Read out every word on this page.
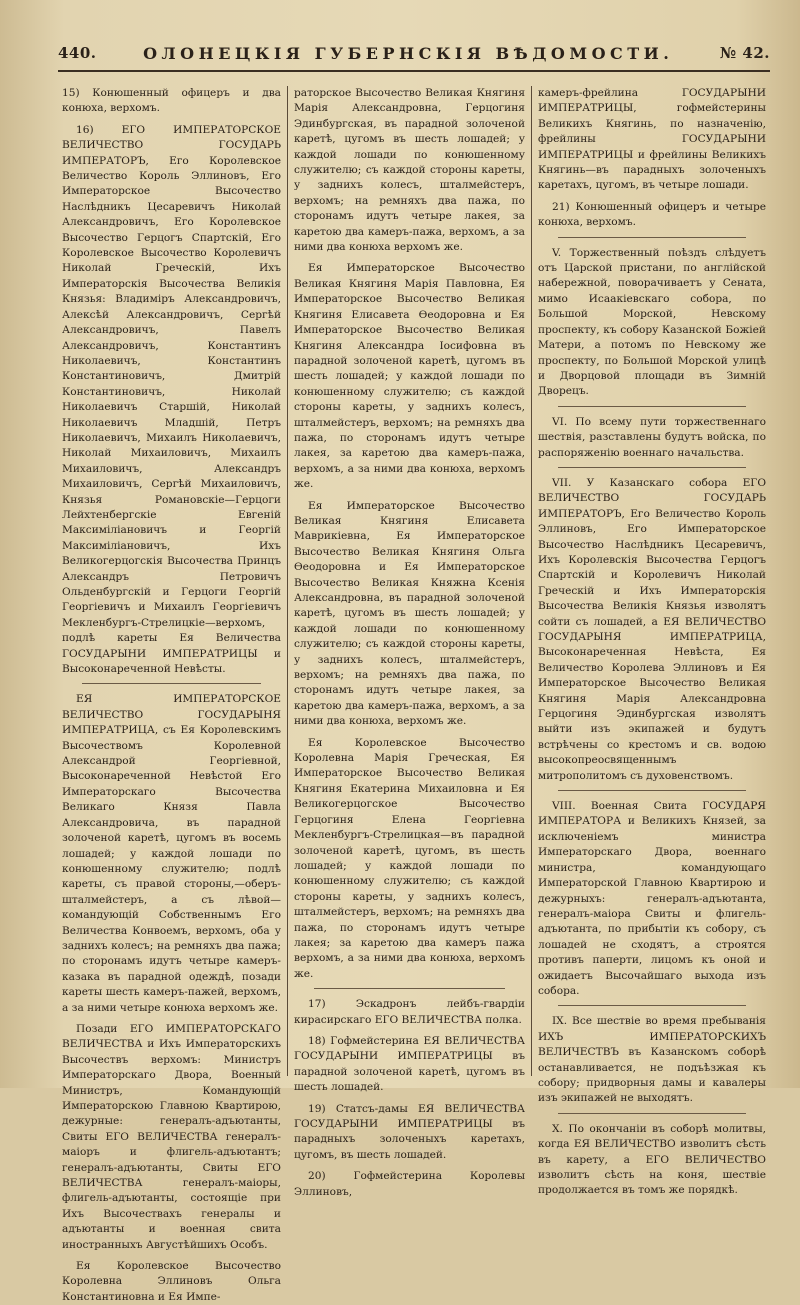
440.	ОЛОНЕЦКІЯ ГУБЕРНСКІЯ ВѢДОМОСТИ.	№ 42.

15) Конюшенный офицеръ и два конюха, верхомъ.

16) ЕГО ИМПЕРАТОРСКОЕ ВЕЛИЧЕСТВО ГОСУДАРЬ ИМПЕРАТОРЪ, Его Королевское Величество Король Эллиновъ, Его Императорское Высочество Наслѣдникъ Цесаревичъ Николай Александровичъ, Его Королевское Высочество Герцогъ Спартскій, Его Королевское Высочество Королевичъ Николай Греческій, Ихъ Императорскія Высочества Великія Князья: Владиміръ Александровичъ, Алексѣй Александровичъ, Сергѣй Александровичъ, Павелъ Александровичъ, Константинъ Николаевичъ, Константинъ Константиновичъ, Дмитрій Константиновичъ, Николай Николаевичъ Старшій, Николай Николаевичъ Младшій, Петръ Николаевичъ, Михаилъ Николаевичъ, Николай Михаиловичъ, Михаилъ Михаиловичъ, Александръ Михаиловичъ, Сергѣй Михаиловичъ, Князья Романовскіе—Герцоги Лейхтенбергскіе Евгеній Максиміліановичъ и Георгій Максиміліановичъ, Ихъ Великогерцогскія Высочества Принцъ Александръ Петровичъ Ольденбургскій и Герцоги Георгій Георгіевичъ и Михаилъ Георгіевичъ Мекленбургъ-Стрелицкіе—верхомъ, подлѣ кареты Ея Величества ГОСУДАРЫНИ ИМПЕРАТРИЦЫ и Высоконареченной Невѣсты.

ЕЯ ИМПЕРАТОРСКОЕ ВЕЛИЧЕСТВО ГОСУДАРЫНЯ ИМПЕРАТРИЦА, съ Ея Королевскимъ Высочествомъ Королевной Александрой Георгіевной, Высоконареченной Невѣстой Его Императорскаго Высочества Великаго Князя Павла Александровича, въ парадной золоченой каретѣ, цугомъ въ восемь лошадей; у каждой лошади по конюшенному служителю; подлѣ кареты, съ правой стороны,—оберъ-шталмейстеръ, а съ лѣвой—командующій Собственнымъ Его Величества Конвоемъ, верхомъ, оба у заднихъ колесъ; на ремняхъ два пажа; по сторонамъ идутъ четыре камеръ-казака въ парадной одеждѣ, позади кареты шесть камеръ-пажей, верхомъ, а за ними четыре конюха верхомъ же.

Позади ЕГО ИМПЕРАТОРСКАГО ВЕЛИЧЕСТВА и Ихъ Императорскихъ Высочествъ верхомъ: Министръ Императорскаго Двора, Военный Министръ, Командующій Императорскою Главною Квартирою, дежурные: генералъ-адъютанты, Свиты ЕГО ВЕЛИЧЕСТВА генералъ-маіоръ и флигель-адъютантъ; генералъ-адъютанты, Свиты ЕГО ВЕЛИЧЕСТВА генералъ-маіоры, флигель-адъютанты, состоящіе при Ихъ Высочествахъ генералы и адъютанты и военная свита иностранныхъ Августѣйшихъ Особъ.

Ея Королевское Высочество Королевна Эллиновъ Ольга Константиновна и Ея Импе-

раторское Высочество Великая Княгиня Марія Александровна, Герцогиня Эдинбургская, въ парадной золоченой каретѣ, цугомъ въ шесть лошадей; у каждой лошади по конюшенному служителю; съ каждой стороны кареты, у заднихъ колесъ, шталмейстеръ, верхомъ; на ремняхъ два пажа, по сторонамъ идутъ четыре лакея, за каретою два камеръ-пажа, верхомъ, а за ними два конюха верхомъ же.

Ея Императорское Высочество Великая Княгиня Марія Павловна, Ея Императорское Высочество Великая Княгиня Елисавета Ѳеодоровна и Ея Императорское Высочество Великая Княгиня Александра Іосифовна въ парадной золоченой каретѣ, цугомъ въ шесть лошадей; у каждой лошади по конюшенному служителю; съ каждой стороны кареты, у заднихъ колесъ, шталмейстеръ, верхомъ; на ремняхъ два пажа, по сторонамъ идутъ четыре лакея, за каретою два камеръ-пажа, верхомъ, а за ними два конюха, верхомъ же.

Ея Императорское Высочество Великая Княгиня Елисавета Маврикіевна, Ея Императорское Высочество Великая Княгиня Ольга Ѳеодоровна и Ея Императорское Высочество Великая Княжна Ксенія Александровна, въ парадной золоченой каретѣ, цугомъ въ шесть лошадей; у каждой лошади по конюшенному служителю; съ каждой стороны кареты, у заднихъ колесъ, шталмейстеръ, верхомъ; на ремняхъ два пажа, по сторонамъ идутъ четыре лакея, за каретою два камеръ-пажа, верхомъ, а за ними два конюха, верхомъ же.

Ея Королевское Высочество Королевна Марія Греческая, Ея Императорское Высочество Великая Княгиня Екатерина Михаиловна и Ея Великогерцогское Высочество Герцогиня Елена Георгіевна Мекленбургъ-Стрелицкая—въ парадной золоченой каретѣ, цугомъ, въ шесть лошадей; у каждой лошади по конюшенному служителю; съ каждой стороны кареты, у заднихъ колесъ, шталмейстеръ, верхомъ; на ремняхъ два пажа, по сторонамъ идутъ четыре лакея; за каретою два камеръ пажа верхомъ, а за ними два конюха, верхомъ же.

17) Эскадронъ лейбъ-гвардіи кирасирскаго ЕГО ВЕЛИЧЕСТВА полка.

18) Гофмейстерина ЕЯ ВЕЛИЧЕСТВА ГОСУДАРЫНИ ИМПЕРАТРИЦЫ въ парадной золоченой каретѣ, цугомъ въ шесть лошадей.

19) Статсъ-дамы ЕЯ ВЕЛИЧЕСТВА ГОСУДАРЫНИ ИМПЕРАТРИЦЫ въ парадныхъ золоченыхъ каретахъ, цугомъ, въ шесть лошадей.

20) Гофмейстерина Королевы Эллиновъ,

камеръ-фрейлина ГОСУДАРЫНИ ИМПЕРАТРИЦЫ, гофмейстерины Великихъ Княгинь, по назначенію, фрейлины ГОСУДАРЫНИ ИМПЕРАТРИЦЫ и фрейлины Великихъ Княгинь—въ парадныхъ золоченыхъ каретахъ, цугомъ, въ четыре лошади.

21) Конюшенный офицеръ и четыре конюха, верхомъ.

V. Торжественный поѣздъ слѣдуетъ отъ Царской пристани, по англійской набережной, поворачиваетъ у Сената, мимо Исаакіевскаго собора, по Большой Морской, Невскому проспекту, къ собору Казанской Божіей Матери, а потомъ по Невскому же проспекту, по Большой Морской улицѣ и Дворцовой площади въ Зимній Дворецъ.

VI. По всему пути торжественнаго шествія, разставлены будутъ войска, по распоряженію военнаго начальства.

VII. У Казанскаго собора ЕГО ВЕЛИЧЕСТВО ГОСУДАРЬ ИМПЕРАТОРЪ, Его Величество Король Эллиновъ, Его Императорское Высочество Наслѣдникъ Цесаревичъ, Ихъ Королевскія Высочества Герцогъ Спартскій и Королевичъ Николай Греческій и Ихъ Императорскія Высочества Великія Князья изволятъ сойти съ лошадей, а ЕЯ ВЕЛИЧЕСТВО ГОСУДАРЫНЯ ИМПЕРАТРИЦА, Высоконареченная Невѣста, Ея Величество Королева Эллиновъ и Ея Императорское Высочество Великая Княгиня Марія Александровна Герцогиня Эдинбургская изволятъ выйти изъ экипажей и будутъ встрѣчены со крестомъ и св. водою высокопреосвященнымъ митрополитомъ съ духовенствомъ.

VIII. Военная Свита ГОСУДАРЯ ИМПЕРАТОРА и Великихъ Князей, за исключеніемъ министра Императорскаго Двора, военнаго министра, командующаго Императорской Главною Квартирою и дежурныхъ: генералъ-адъютанта, генералъ-маіора Свиты и флигель-адъютанта, по прибытіи къ собору, съ лошадей не сходятъ, а строятся противъ паперти, лицомъ къ оной и ожидаетъ Высочайшаго выхода изъ собора.

IX. Все шествіе во время пребыванія ИХЪ ИМПЕРАТОРСКИХЪ ВЕЛИЧЕСТВЪ въ Казанскомъ соборѣ останавливается, не подъѣзжая къ собору; придворныя дамы и кавалеры изъ экипажей не выходятъ.

X. По окончаніи въ соборѣ молитвы, когда ЕЯ ВЕЛИЧЕСТВО изволитъ сѣсть въ карету, а ЕГО ВЕЛИЧЕСТВО изволитъ сѣсть на коня, шествіе продолжается въ томъ же порядкѣ.
